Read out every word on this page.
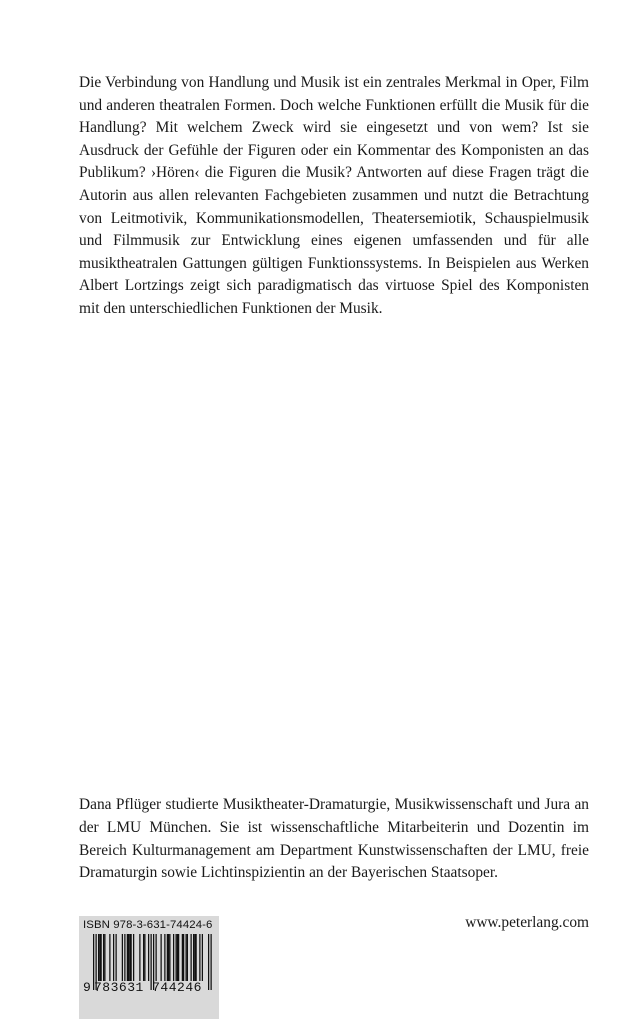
Die Verbindung von Handlung und Musik ist ein zentrales Merkmal in Oper, Film und anderen theatralen Formen. Doch welche Funktionen erfüllt die Musik für die Handlung? Mit welchem Zweck wird sie eingesetzt und von wem? Ist sie Ausdruck der Gefühle der Figuren oder ein Kommentar des Komponisten an das Publikum? ›Hören‹ die Figuren die Musik? Antworten auf diese Fragen trägt die Autorin aus allen relevanten Fachgebieten zusammen und nutzt die Betrachtung von Leitmotivik, Kommunikationsmodellen, Theatersemiotik, Schauspielmusik und Filmmusik zur Entwicklung eines eigenen umfassenden und für alle musiktheatralen Gattungen gültigen Funktionssystems. In Beispielen aus Werken Albert Lortzings zeigt sich paradigmatisch das virtuose Spiel des Komponisten mit den unterschiedlichen Funktionen der Musik.

Dana Pflüger studierte Musiktheater-Dramaturgie, Musikwissenschaft und Jura an der LMU München. Sie ist wissenschaftliche Mitarbeiterin und Dozentin im Bereich Kulturmanagement am Department Kunstwissenschaften der LMU, freie Dramaturgin sowie Lichtinspizientin an der Bayerischen Staatsoper.

ISBN 978-3-631-74424-6
9 783631 744246
www.peterlang.com
